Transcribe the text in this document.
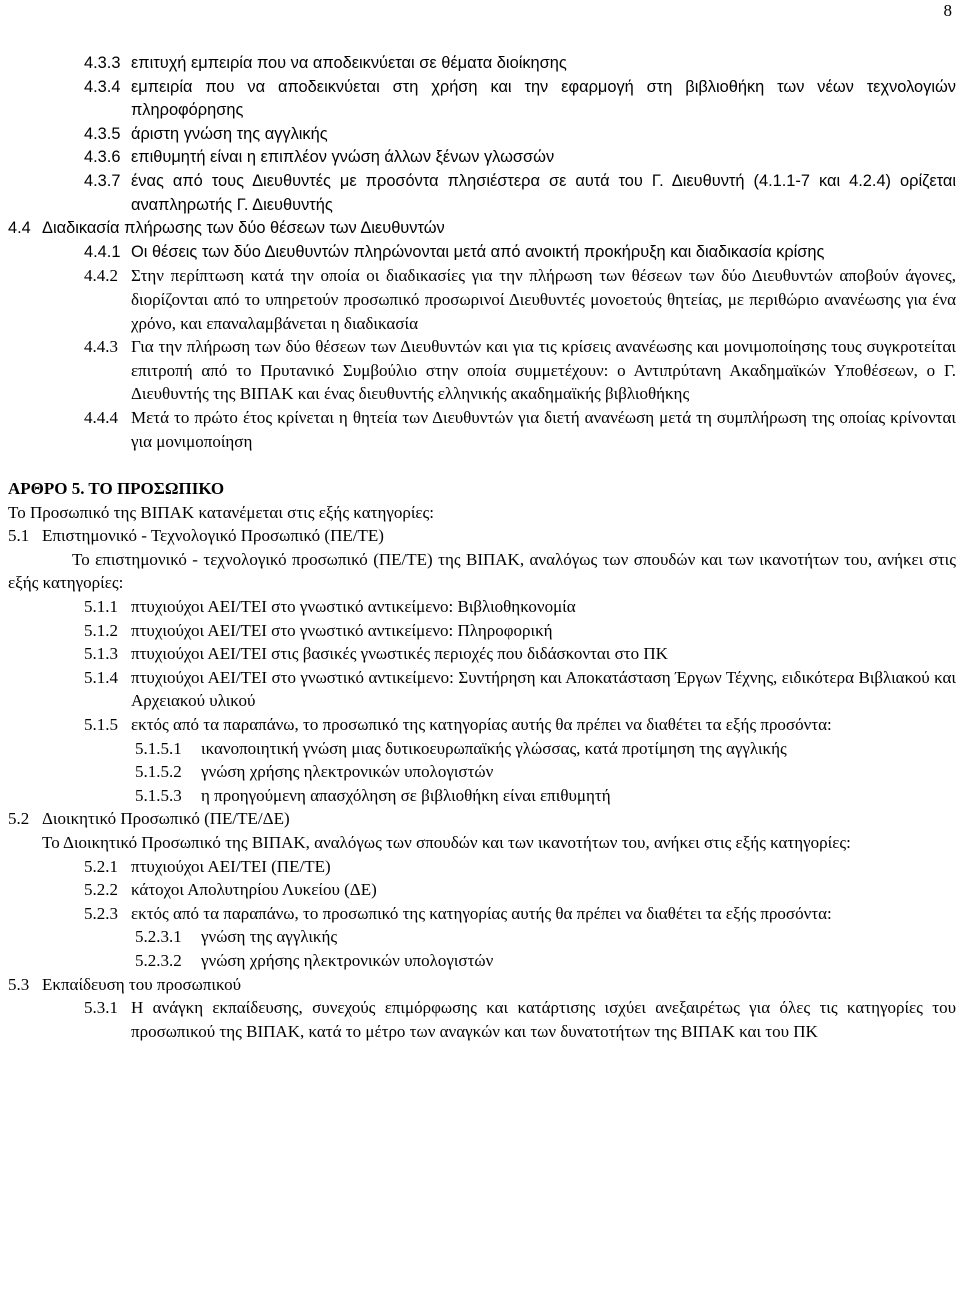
8
4.3.3 επιτυχή εμπειρία που να αποδεικνύεται σε θέματα διοίκησης
4.3.4 εμπειρία που να αποδεικνύεται στη χρήση και την εφαρμογή στη βιβλιοθήκη των νέων τεχνολογιών πληροφόρησης
4.3.5 άριστη γνώση της αγγλικής
4.3.6 επιθυμητή είναι η επιπλέον γνώση άλλων ξένων γλωσσών
4.3.7 ένας από τους Διευθυντές με προσόντα πλησιέστερα σε αυτά του Γ. Διευθυντή (4.1.1-7 και 4.2.4) ορίζεται αναπληρωτής Γ. Διευθυντής
4.4 Διαδικασία πλήρωσης των δύο θέσεων των Διευθυντών
4.4.1 Οι θέσεις των δύο Διευθυντών πληρώνονται μετά από ανοικτή προκήρυξη και διαδικασία κρίσης
4.4.2 Στην περίπτωση κατά την οποία οι διαδικασίες για την πλήρωση των θέσεων των δύο Διευθυντών αποβούν άγονες, διορίζονται από το υπηρετούν προσωπικό προσωρινοί Διευθυντές μονοετούς θητείας, με περιθώριο ανανέωσης για ένα χρόνο, και επαναλαμβάνεται η διαδικασία
4.4.3 Για την πλήρωση των δύο θέσεων των Διευθυντών και για τις κρίσεις ανανέωσης και μονιμοποίησης τους συγκροτείται επιτροπή από το Πρυτανικό Συμβούλιο στην οποία συμμετέχουν: ο Αντιπρύτανη Ακαδημαϊκών Υποθέσεων, ο Γ. Διευθυντής της ΒΙΠΑΚ και ένας διευθυντής ελληνικής ακαδημαϊκής βιβλιοθήκης
4.4.4 Μετά το πρώτο έτος κρίνεται η θητεία των Διευθυντών για διετή ανανέωση μετά τη συμπλήρωση της οποίας κρίνονται για μονιμοποίηση

ΑΡΘΡΟ 5. ΤΟ ΠΡΟΣΩΠΙΚΟ

Το Προσωπικό της ΒΙΠΑΚ κατανέμεται στις εξής κατηγορίες:

5.1 Επιστημονικό - Τεχνολογικό Προσωπικό (ΠΕ/ΤΕ)

Το επιστημονικό - τεχνολογικό προσωπικό (ΠΕ/ΤΕ) της ΒΙΠΑΚ, αναλόγως των σπουδών και των ικανοτήτων του, ανήκει στις εξής κατηγορίες:

5.1.1 πτυχιούχοι ΑΕΙ/ΤΕΙ στο γνωστικό αντικείμενο: Βιβλιοθηκονομία
5.1.2 πτυχιούχοι ΑΕΙ/ΤΕΙ στο γνωστικό αντικείμενο: Πληροφορική
5.1.3 πτυχιούχοι ΑΕΙ/ΤΕΙ στις βασικές γνωστικές περιοχές που διδάσκονται στο ΠΚ
5.1.4 πτυχιούχοι ΑΕΙ/ΤΕΙ στο γνωστικό αντικείμενο: Συντήρηση και Αποκατάσταση Έργων Τέχνης, ειδικότερα Βιβλιακού και Αρχειακού υλικού
5.1.5 εκτός από τα παραπάνω, το προσωπικό της κατηγορίας αυτής θα πρέπει να διαθέτει τα εξής προσόντα:
5.1.5.1	ικανοποιητική γνώση μιας δυτικοευρωπαϊκής γλώσσας, κατά προτίμηση της αγγλικής
5.1.5.2	γνώση χρήσης ηλεκτρονικών υπολογιστών
5.1.5.3	η προηγούμενη απασχόληση σε βιβλιοθήκη είναι επιθυμητή
5.2 Διοικητικό Προσωπικό (ΠΕ/ΤΕ/ΔΕ)

Το Διοικητικό Προσωπικό της ΒΙΠΑΚ, αναλόγως των σπουδών και των ικανοτήτων του, ανήκει στις εξής κατηγορίες:

5.2.1 πτυχιούχοι ΑΕΙ/ΤΕΙ (ΠΕ/ΤΕ)
5.2.2 κάτοχοι Απολυτηρίου Λυκείου (ΔΕ)
5.2.3 εκτός από τα παραπάνω, το προσωπικό της κατηγορίας αυτής θα πρέπει να διαθέτει τα εξής προσόντα:
5.2.3.1	γνώση της αγγλικής
5.2.3.2	γνώση χρήσης ηλεκτρονικών υπολογιστών
5.3 Εκπαίδευση του προσωπικού
5.3.1 Η ανάγκη εκπαίδευσης, συνεχούς επιμόρφωσης και κατάρτισης ισχύει ανεξαιρέτως για όλες τις κατηγορίες του προσωπικού της ΒΙΠΑΚ, κατά το μέτρο των αναγκών και των δυνατοτήτων της ΒΙΠΑΚ και του ΠΚ
